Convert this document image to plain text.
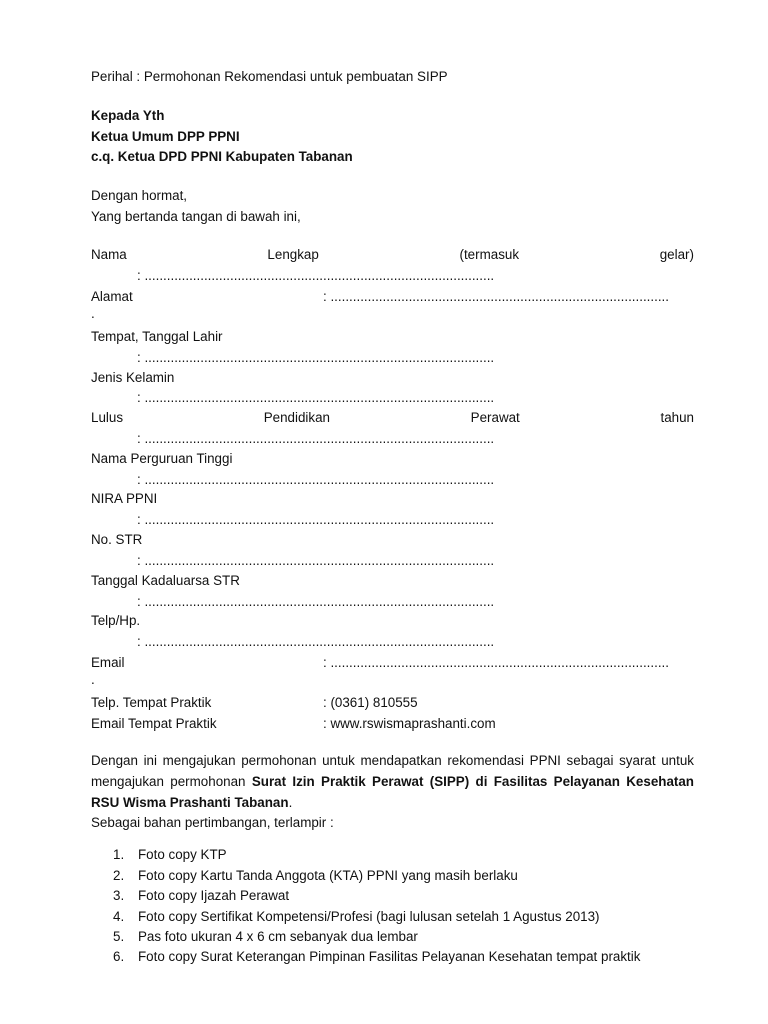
Perihal : Permohonan Rekomendasi untuk pembuatan SIPP
Kepada Yth
Ketua Umum DPP PPNI
c.q. Ketua DPD PPNI Kabupaten Tabanan
Dengan hormat,
Yang bertanda tangan di bawah ini,
Nama	Lengkap	(termasuk	gelar)
: ..............................................................................................
Alamat	: ...........................................................................................
.
Tempat, Tanggal Lahir
: ..............................................................................................
Jenis Kelamin
: ..............................................................................................
Lulus	Pendidikan	Perawat	tahun
: ..............................................................................................
Nama Perguruan Tinggi
: ..............................................................................................
NIRA PPNI
: ..............................................................................................
No. STR
: ..............................................................................................
Tanggal Kadaluarsa STR
: ..............................................................................................
Telp/Hp.
: ..............................................................................................
Email	: ...........................................................................................
.
Telp. Tempat Praktik	: (0361) 810555
Email Tempat Praktik	: www.rswismaprashanti.com
Dengan ini mengajukan permohonan untuk mendapatkan rekomendasi PPNI sebagai syarat untuk mengajukan permohonan Surat Izin Praktik Perawat (SIPP) di Fasilitas Pelayanan Kesehatan RSU Wisma Prashanti Tabanan.
Sebagai bahan pertimbangan, terlampir :
1. Foto copy KTP
2. Foto copy Kartu Tanda Anggota (KTA) PPNI yang masih berlaku
3. Foto copy Ijazah Perawat
4. Foto copy Sertifikat Kompetensi/Profesi (bagi lulusan setelah 1 Agustus 2013)
5. Pas foto ukuran 4 x 6 cm sebanyak dua lembar
6. Foto copy Surat Keterangan Pimpinan Fasilitas Pelayanan Kesehatan tempat praktik
